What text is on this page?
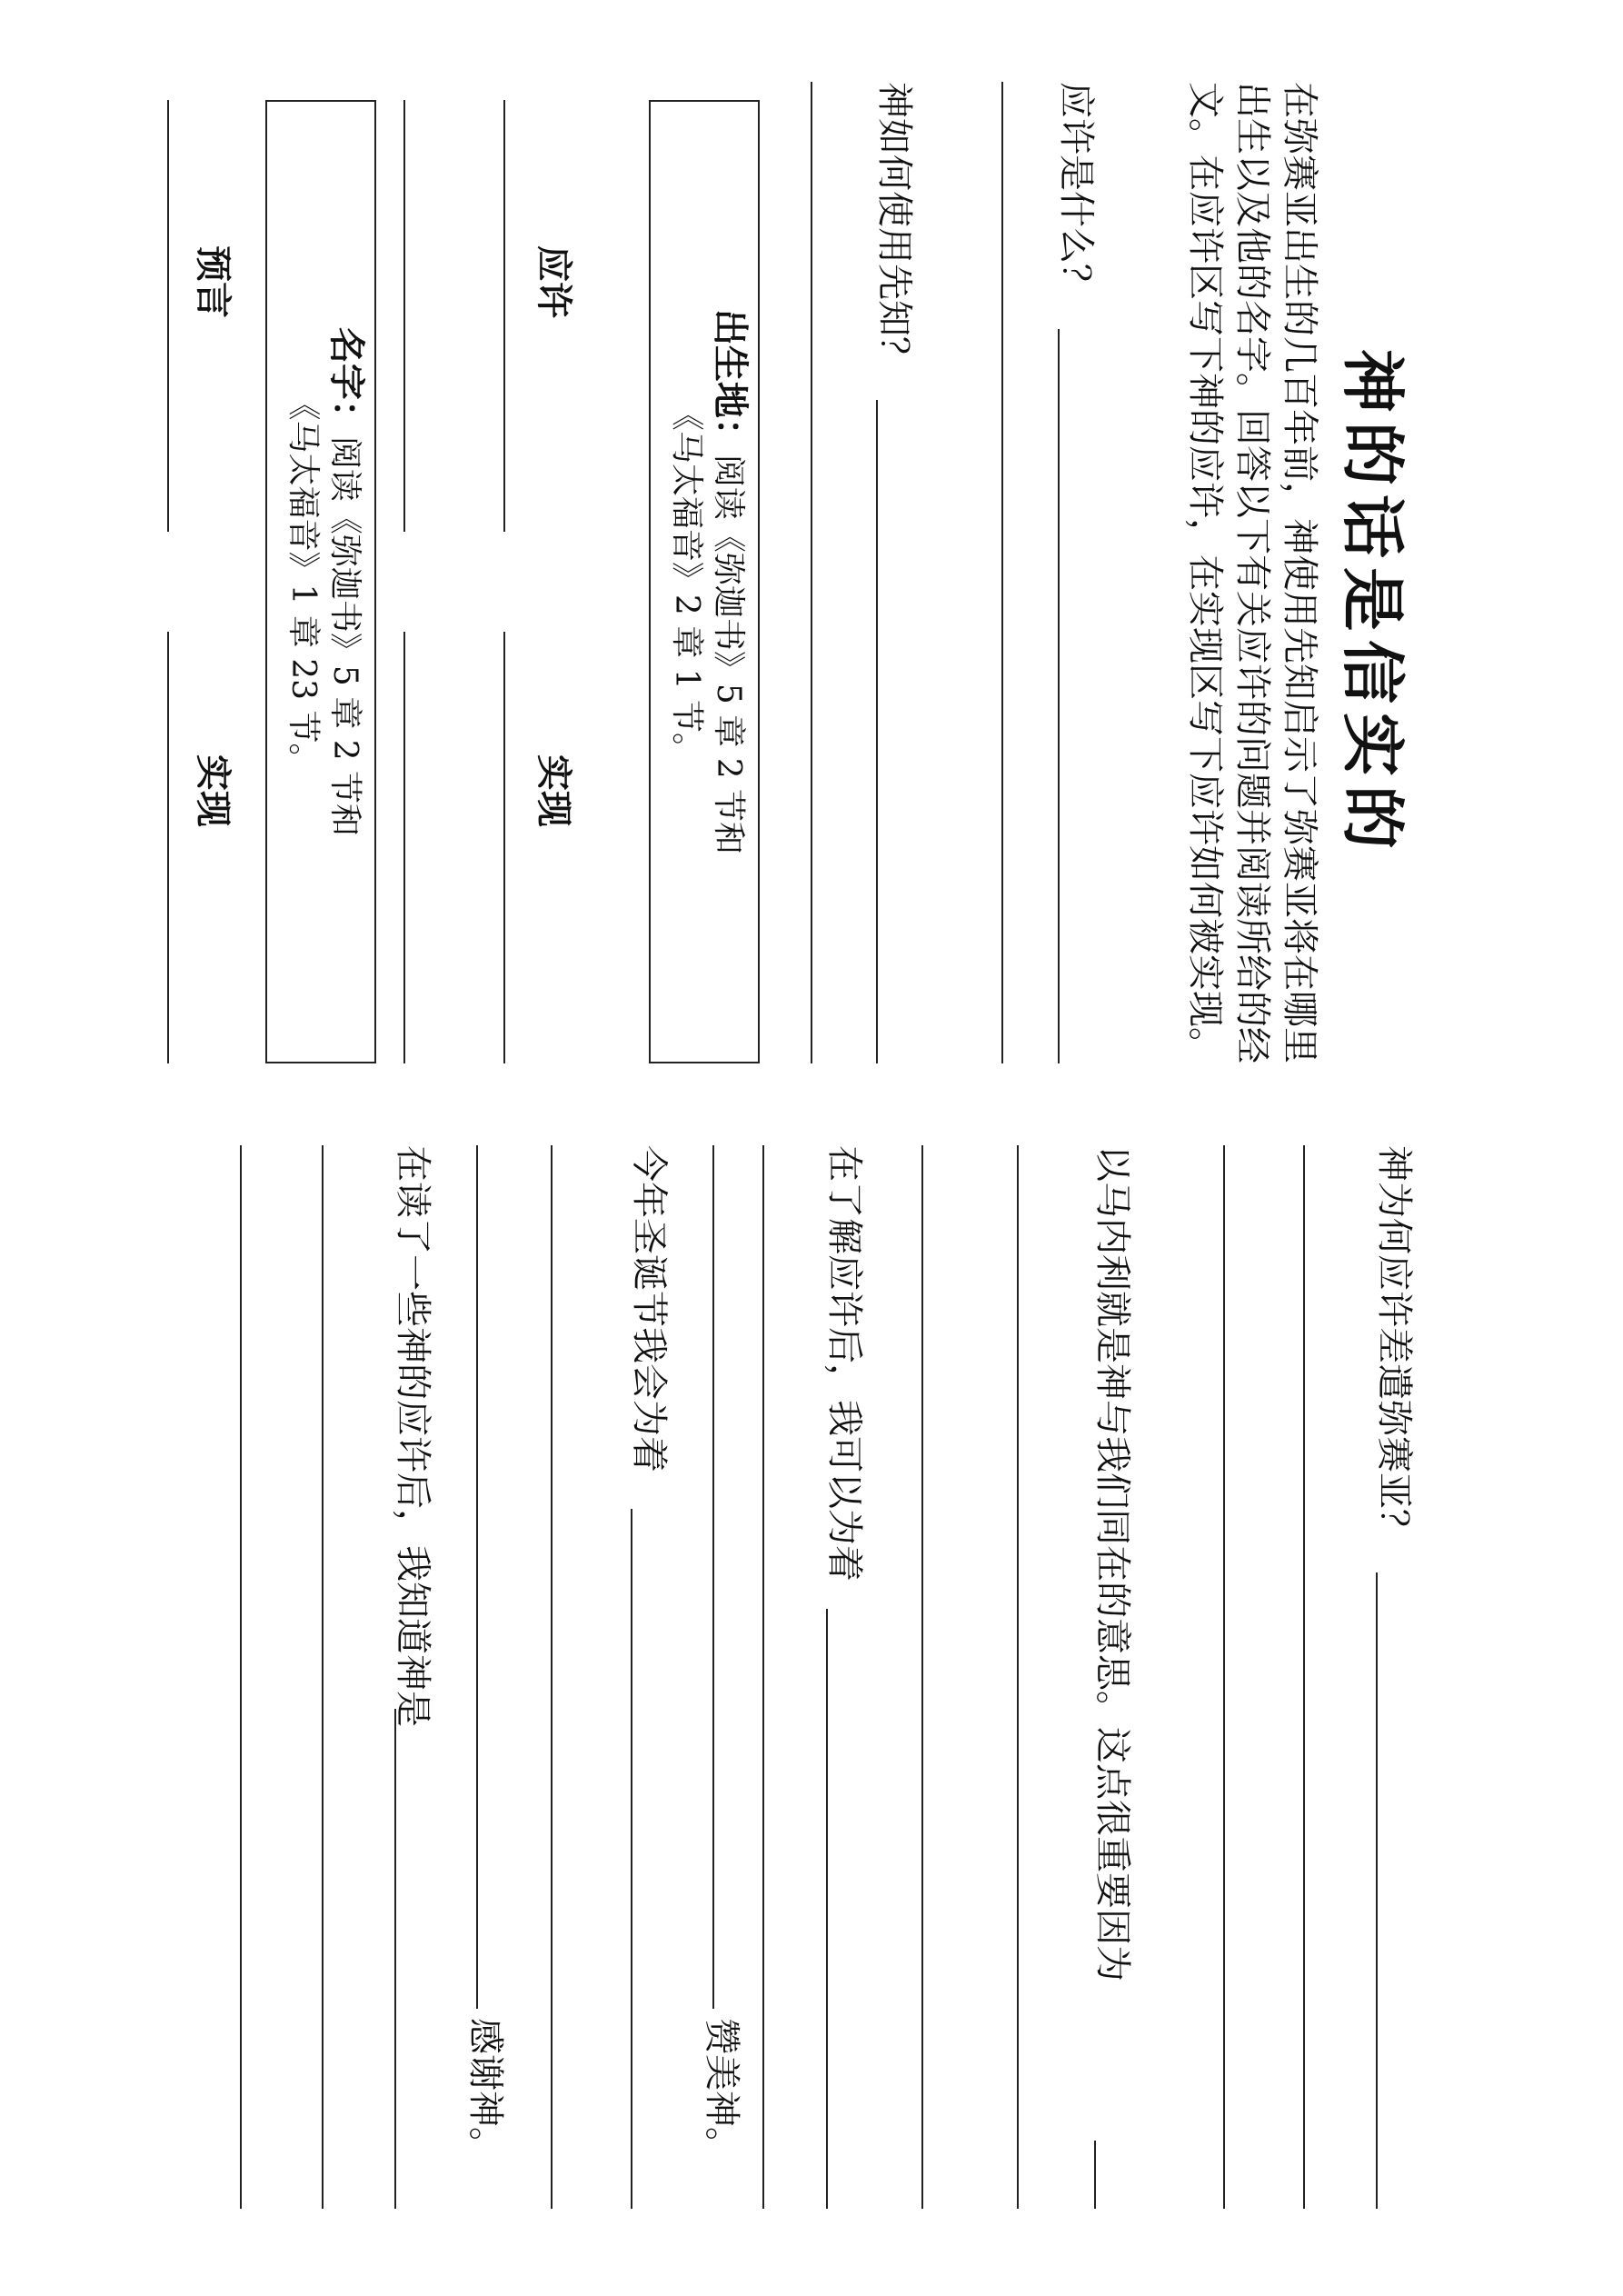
神的话是信实的

在弥赛亚出生的几百年前，神使用先知启示了弥赛亚将在哪里出生以及他的名字。回答以下有关应许的问题并阅读所给的经文。在应许区写下神的应许，在实现区写下应许如何被实现。

应许是什么？
神如何使用先知？
出生地：阅读《弥迦书》5 章 2 节和
《马太福音》2 章 1 节。
应许
实现
名字：阅读《弥迦书》5 章 2 节和
《马太福音》1 章 23 节。
预言
实现
神为何应许差遣弥赛亚？
以马内利就是神与我们同在的意思。这点很重要因为
在了解应许后，我可以为着
赞美神。
今年圣诞节我会为着
感谢神。
在读了一些神的应许后，我知道神是
